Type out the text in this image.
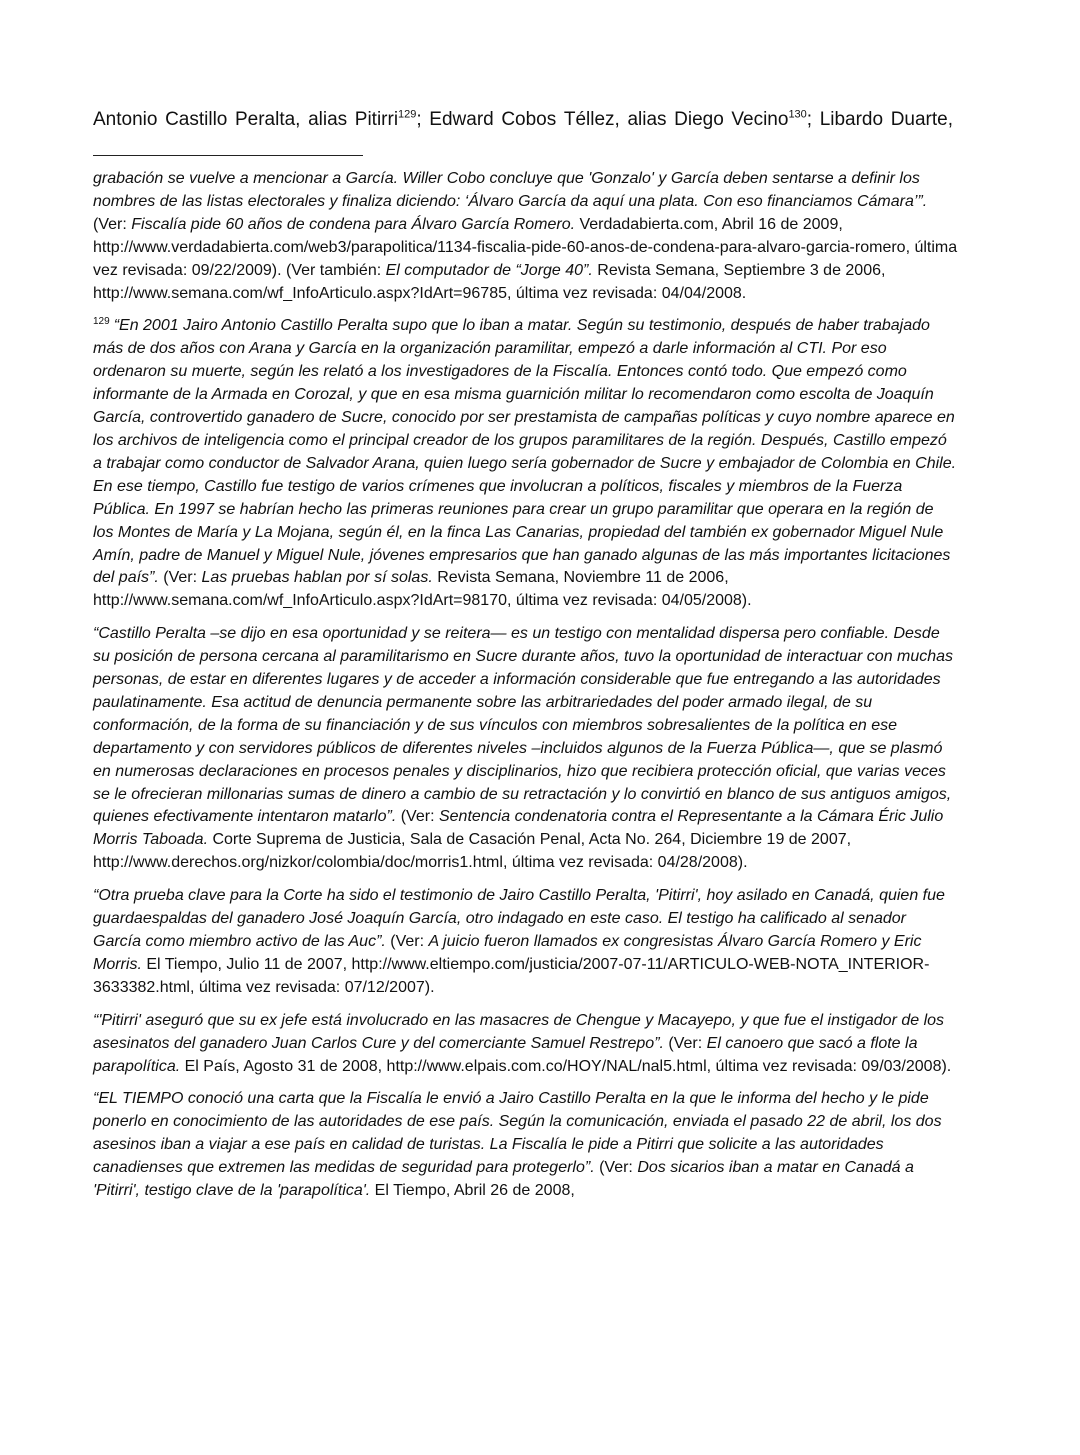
Antonio Castillo Peralta, alias Pitirri$^{129}$; Edward Cobos Téllez, alias Diego Vecino$^{130}$; Libardo Duarte,

grabación se vuelve a mencionar a García. Willer Cobo concluye que 'Gonzalo' y García deben sentarse a definir los nombres de las listas electorales y finaliza diciendo: ‘Álvaro García da aquí una plata. Con eso financiamos Cámara’”. (Ver: Fiscalía pide 60 años de condena para Álvaro García Romero. Verdadabierta.com, Abril 16 de 2009, http://www.verdadabierta.com/web3/parapolitica/1134-fiscalia-pide-60-anos-de-condena-para-alvaro-garcia-romero, última vez revisada: 09/22/2009). (Ver también: El computador de “Jorge 40”. Revista Semana, Septiembre 3 de 2006, http://www.semana.com/wf_InfoArticulo.aspx?IdArt=96785, última vez revisada: 04/04/2008.

$^{129}$ “En 2001 Jairo Antonio Castillo Peralta supo que lo iban a matar. Según su testimonio, después de haber trabajado más de dos años con Arana y García en la organización paramilitar, empezó a darle información al CTI. Por eso ordenaron su muerte, según les relató a los investigadores de la Fiscalía. Entonces contó todo. Que empezó como informante de la Armada en Corozal, y que en esa misma guarnición militar lo recomendaron como escolta de Joaquín García, controvertido ganadero de Sucre, conocido por ser prestamista de campañas políticas y cuyo nombre aparece en los archivos de inteligencia como el principal creador de los grupos paramilitares de la región. Después, Castillo empezó a trabajar como conductor de Salvador Arana, quien luego sería gobernador de Sucre y embajador de Colombia en Chile. En ese tiempo, Castillo fue testigo de varios crímenes que involucran a políticos, fiscales y miembros de la Fuerza Pública. En 1997 se habrían hecho las primeras reuniones para crear un grupo paramilitar que operara en la región de los Montes de María y La Mojana, según él, en la finca Las Canarias, propiedad del también ex gobernador Miguel Nule Amín, padre de Manuel y Miguel Nule, jóvenes empresarios que han ganado algunas de las más importantes licitaciones del país”. (Ver: Las pruebas hablan por sí solas. Revista Semana, Noviembre 11 de 2006, http://www.semana.com/wf_InfoArticulo.aspx?IdArt=98170, última vez revisada: 04/05/2008).

“Castillo Peralta –se dijo en esa oportunidad y se reitera— es un testigo con mentalidad dispersa pero confiable. Desde su posición de persona cercana al paramilitarismo en Sucre durante años, tuvo la oportunidad de interactuar con muchas personas, de estar en diferentes lugares y de acceder a información considerable que fue entregando a las autoridades paulatinamente. Esa actitud de denuncia permanente sobre las arbitrariedades del poder armado ilegal, de su conformación, de la forma de su financiación y de sus vínculos con miembros sobresalientes de la política en ese departamento y con servidores públicos de diferentes niveles –incluidos algunos de la Fuerza Pública—, que se plasmó en numerosas declaraciones en procesos penales y disciplinarios, hizo que recibiera protección oficial, que varias veces se le ofrecieran millonarias sumas de dinero a cambio de su retractación y lo convirtió en blanco de sus antiguos amigos, quienes efectivamente intentaron matarlo”. (Ver: Sentencia condenatoria contra el Representante a la Cámara Éric Julio Morris Taboada. Corte Suprema de Justicia, Sala de Casación Penal, Acta No. 264, Diciembre 19 de 2007, http://www.derechos.org/nizkor/colombia/doc/morris1.html, última vez revisada: 04/28/2008).

“Otra prueba clave para la Corte ha sido el testimonio de Jairo Castillo Peralta, 'Pitirri', hoy asilado en Canadá, quien fue guardaespaldas del ganadero José Joaquín García, otro indagado en este caso. El testigo ha calificado al senador García como miembro activo de las Auc”. (Ver: A juicio fueron llamados ex congresistas Álvaro García Romero y Eric Morris. El Tiempo, Julio 11 de 2007, http://www.eltiempo.com/justicia/2007-07-11/ARTICULO-WEB-NOTA_INTERIOR-3633382.html, última vez revisada: 07/12/2007).

“'Pitirri' aseguró que su ex jefe está involucrado en las masacres de Chengue y Macayepo, y que fue el instigador de los asesinatos del ganadero Juan Carlos Cure y del comerciante Samuel Restrepo”. (Ver: El canoero que sacó a flote la parapolítica. El País, Agosto 31 de 2008, http://www.elpais.com.co/HOY/NAL/nal5.html, última vez revisada: 09/03/2008).

“EL TIEMPO conoció una carta que la Fiscalía le envió a Jairo Castillo Peralta en la que le informa del hecho y le pide ponerlo en conocimiento de las autoridades de ese país. Según la comunicación, enviada el pasado 22 de abril, los dos asesinos iban a viajar a ese país en calidad de turistas. La Fiscalía le pide a Pitirri que solicite a las autoridades canadienses que extremen las medidas de seguridad para protegerlo”. (Ver: Dos sicarios iban a matar en Canadá a 'Pitirri', testigo clave de la 'parapolítica'. El Tiempo, Abril 26 de 2008,
